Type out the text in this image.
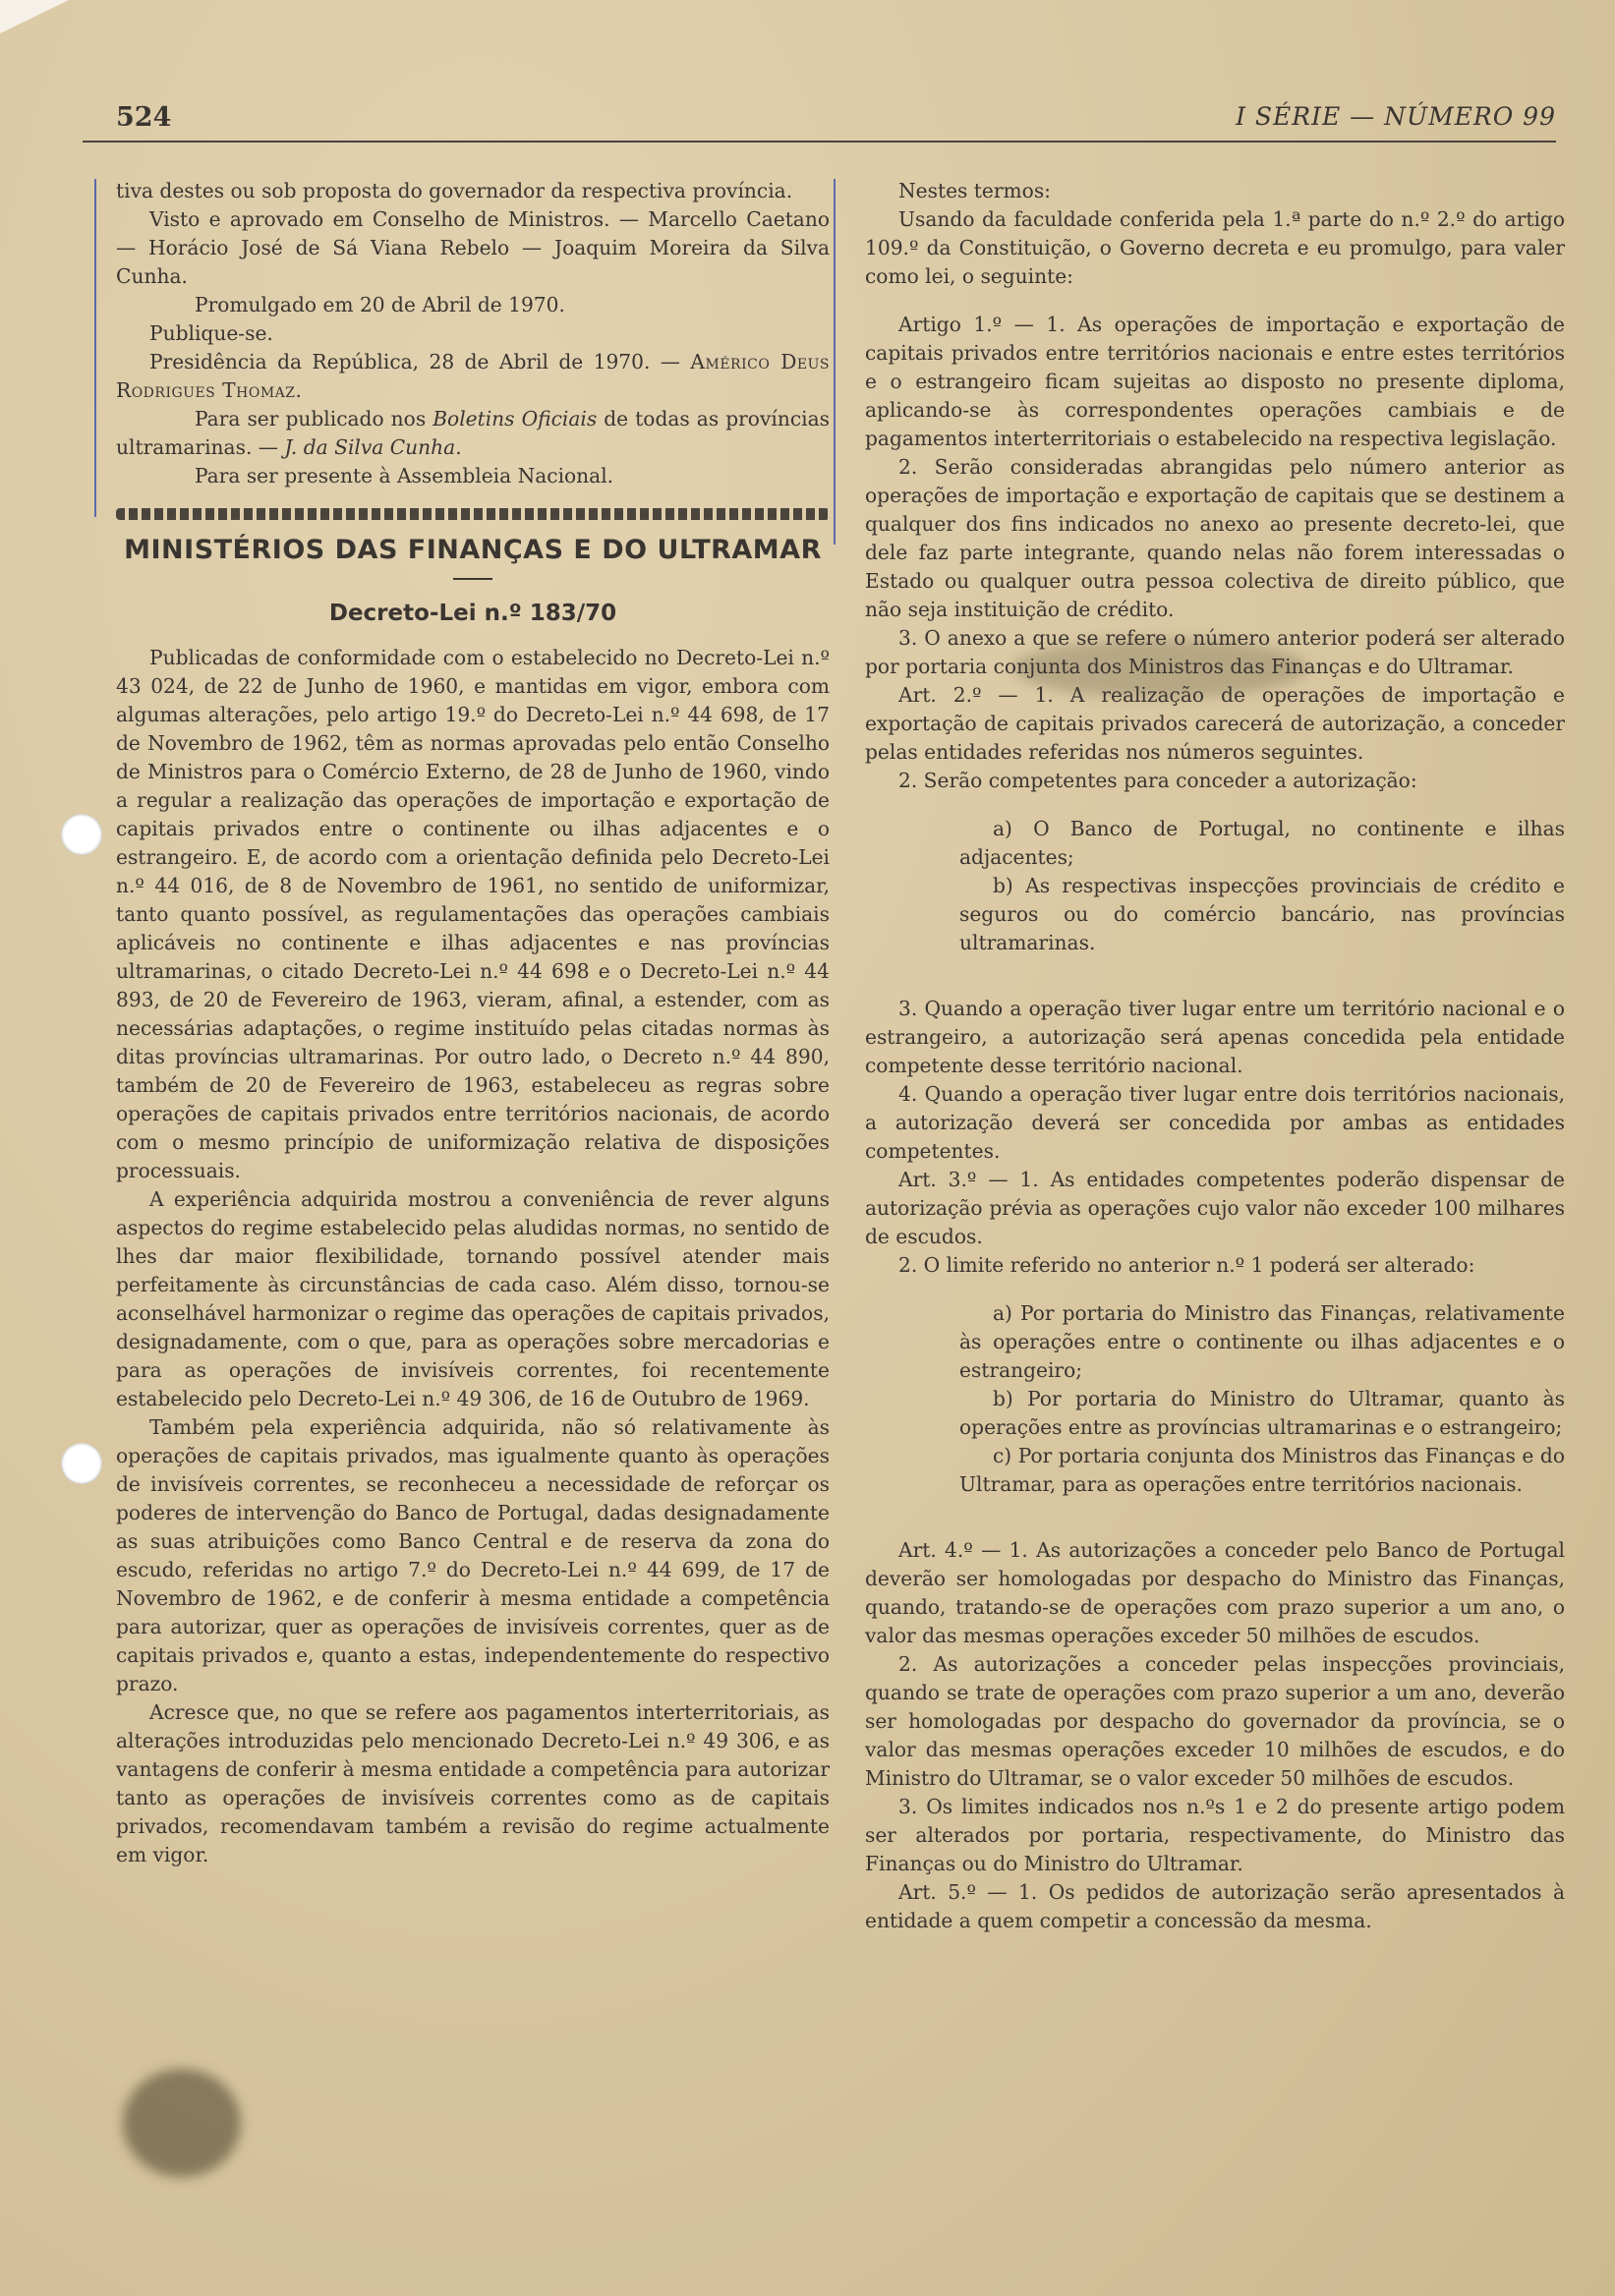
524	I SÉRIE — NÚMERO 99

tiva destes ou sob proposta do governador da respectiva província.

Visto e aprovado em Conselho de Ministros. — Marcello Caetano — Horácio José de Sá Viana Rebelo — Joaquim Moreira da Silva Cunha.

Promulgado em 20 de Abril de 1970.

Publique-se.

Presidência da República, 28 de Abril de 1970. — Américo Deus Rodrigues Thomaz.

Para ser publicado nos Boletins Oficiais de todas as províncias ultramarinas. — J. da Silva Cunha.

Para ser presente à Assembleia Nacional.

MINISTÉRIOS DAS FINANÇAS E DO ULTRAMAR
Decreto-Lei n.º 183/70

Publicadas de conformidade com o estabelecido no Decreto-Lei n.º 43 024, de 22 de Junho de 1960, e mantidas em vigor, embora com algumas alterações, pelo artigo 19.º do Decreto-Lei n.º 44 698, de 17 de Novembro de 1962, têm as normas aprovadas pelo então Conselho de Ministros para o Comércio Externo, de 28 de Junho de 1960, vindo a regular a realização das operações de importação e exportação de capitais privados entre o continente ou ilhas adjacentes e o estrangeiro. E, de acordo com a orientação definida pelo Decreto-Lei n.º 44 016, de 8 de Novembro de 1961, no sentido de uniformizar, tanto quanto possível, as regulamentações das operações cambiais aplicáveis no continente e ilhas adjacentes e nas províncias ultramarinas, o citado Decreto-Lei n.º 44 698 e o Decreto-Lei n.º 44 893, de 20 de Fevereiro de 1963, vieram, afinal, a estender, com as necessárias adaptações, o regime instituído pelas citadas normas às ditas províncias ultramarinas. Por outro lado, o Decreto n.º 44 890, também de 20 de Fevereiro de 1963, estabeleceu as regras sobre operações de capitais privados entre territórios nacionais, de acordo com o mesmo princípio de uniformização relativa de disposições processuais.

A experiência adquirida mostrou a conveniência de rever alguns aspectos do regime estabelecido pelas aludidas normas, no sentido de lhes dar maior flexibilidade, tornando possível atender mais perfeitamente às circunstâncias de cada caso. Além disso, tornou-se aconselhável harmonizar o regime das operações de capitais privados, designadamente, com o que, para as operações sobre mercadorias e para as operações de invisíveis correntes, foi recentemente estabelecido pelo Decreto-Lei n.º 49 306, de 16 de Outubro de 1969.

Também pela experiência adquirida, não só relativamente às operações de capitais privados, mas igualmente quanto às operações de invisíveis correntes, se reconheceu a necessidade de reforçar os poderes de intervenção do Banco de Portugal, dadas designadamente as suas atribuições como Banco Central e de reserva da zona do escudo, referidas no artigo 7.º do Decreto-Lei n.º 44 699, de 17 de Novembro de 1962, e de conferir à mesma entidade a competência para autorizar, quer as operações de invisíveis correntes, quer as de capitais privados e, quanto a estas, independentemente do respectivo prazo.

Acresce que, no que se refere aos pagamentos interterritoriais, as alterações introduzidas pelo mencionado Decreto-Lei n.º 49 306, e as vantagens de conferir à mesma entidade a competência para autorizar tanto as operações de invisíveis correntes como as de capitais privados, recomendavam também a revisão do regime actualmente em vigor.

Nestes termos:

Usando da faculdade conferida pela 1.ª parte do n.º 2.º do artigo 109.º da Constituição, o Governo decreta e eu promulgo, para valer como lei, o seguinte:

Artigo 1.º — 1. As operações de importação e exportação de capitais privados entre territórios nacionais e entre estes territórios e o estrangeiro ficam sujeitas ao disposto no presente diploma, aplicando-se às correspondentes operações cambiais e de pagamentos interterritoriais o estabelecido na respectiva legislação.

2. Serão consideradas abrangidas pelo número anterior as operações de importação e exportação de capitais que se destinem a qualquer dos fins indicados no anexo ao presente decreto-lei, que dele faz parte integrante, quando nelas não forem interessadas o Estado ou qualquer outra pessoa colectiva de direito público, que não seja instituição de crédito.

3. O anexo a que se refere o número anterior poderá ser alterado por portaria conjunta dos Ministros das Finanças e do Ultramar.

Art. 2.º — 1. A realização de operações de importação e exportação de capitais privados carecerá de autorização, a conceder pelas entidades referidas nos números seguintes.

2. Serão competentes para conceder a autorização:

a) O Banco de Portugal, no continente e ilhas adjacentes;

b) As respectivas inspecções provinciais de crédito e seguros ou do comércio bancário, nas províncias ultramarinas.

3. Quando a operação tiver lugar entre um território nacional e o estrangeiro, a autorização será apenas concedida pela entidade competente desse território nacional.

4. Quando a operação tiver lugar entre dois territórios nacionais, a autorização deverá ser concedida por ambas as entidades competentes.

Art. 3.º — 1. As entidades competentes poderão dispensar de autorização prévia as operações cujo valor não exceder 100 milhares de escudos.

2. O limite referido no anterior n.º 1 poderá ser alterado:

a) Por portaria do Ministro das Finanças, relativamente às operações entre o continente ou ilhas adjacentes e o estrangeiro;

b) Por portaria do Ministro do Ultramar, quanto às operações entre as províncias ultramarinas e o estrangeiro;

c) Por portaria conjunta dos Ministros das Finanças e do Ultramar, para as operações entre territórios nacionais.

Art. 4.º — 1. As autorizações a conceder pelo Banco de Portugal deverão ser homologadas por despacho do Ministro das Finanças, quando, tratando-se de operações com prazo superior a um ano, o valor das mesmas operações exceder 50 milhões de escudos.

2. As autorizações a conceder pelas inspecções provinciais, quando se trate de operações com prazo superior a um ano, deverão ser homologadas por despacho do governador da província, se o valor das mesmas operações exceder 10 milhões de escudos, e do Ministro do Ultramar, se o valor exceder 50 milhões de escudos.

3. Os limites indicados nos n.ºs 1 e 2 do presente artigo podem ser alterados por portaria, respectivamente, do Ministro das Finanças ou do Ministro do Ultramar.

Art. 5.º — 1. Os pedidos de autorização serão apresentados à entidade a quem competir a concessão da mesma.
